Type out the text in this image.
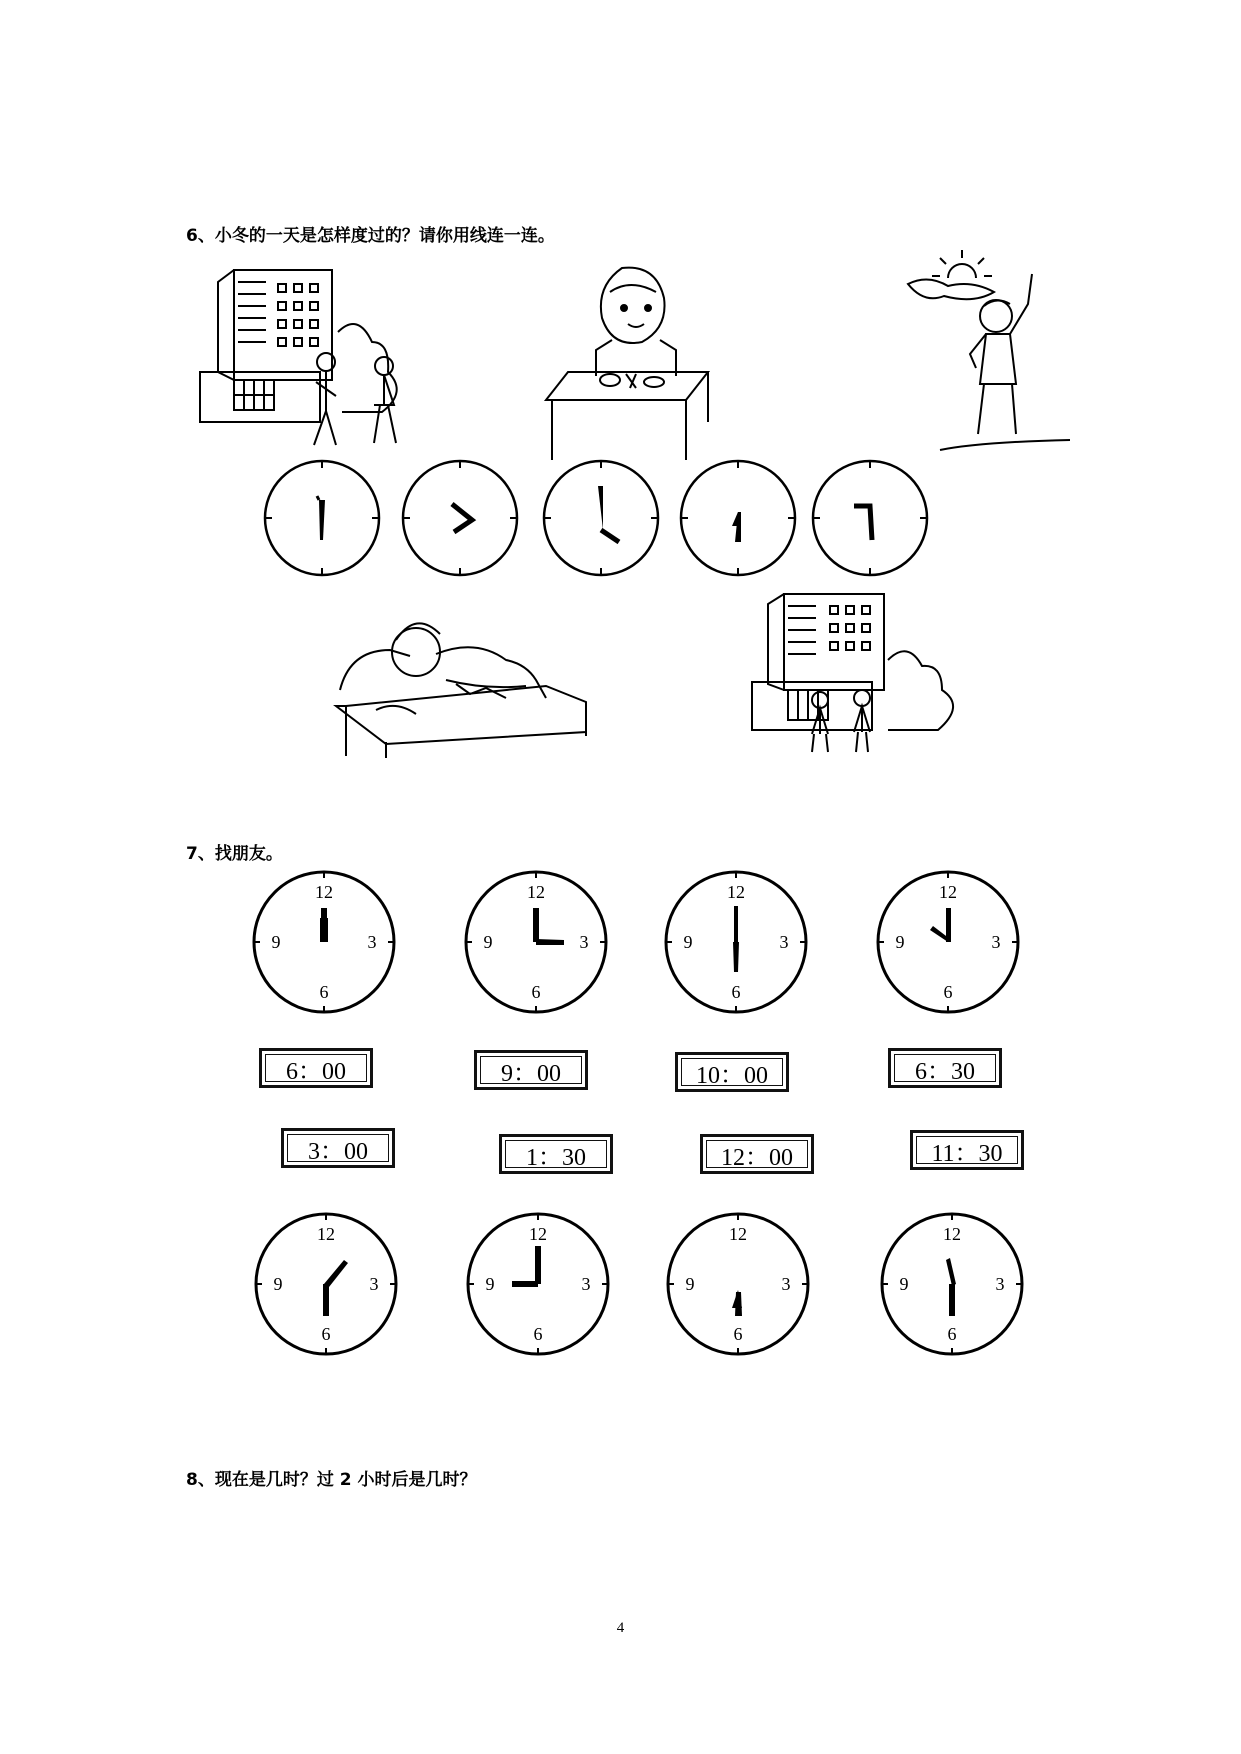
6、小冬的一天是怎样度过的？请你用线连一连。
7、找朋友。
12
3
6
9
12
3
6
9
12
3
6
9
12
3
6
9
6：00	9：00	10：00	6：30
3：00	1：30	12：00	11：30
12
3
6
9
12
3
6
9
12
3
6
9
12
3
6
9
8、现在是几时？过 2 小时后是几时？
4
